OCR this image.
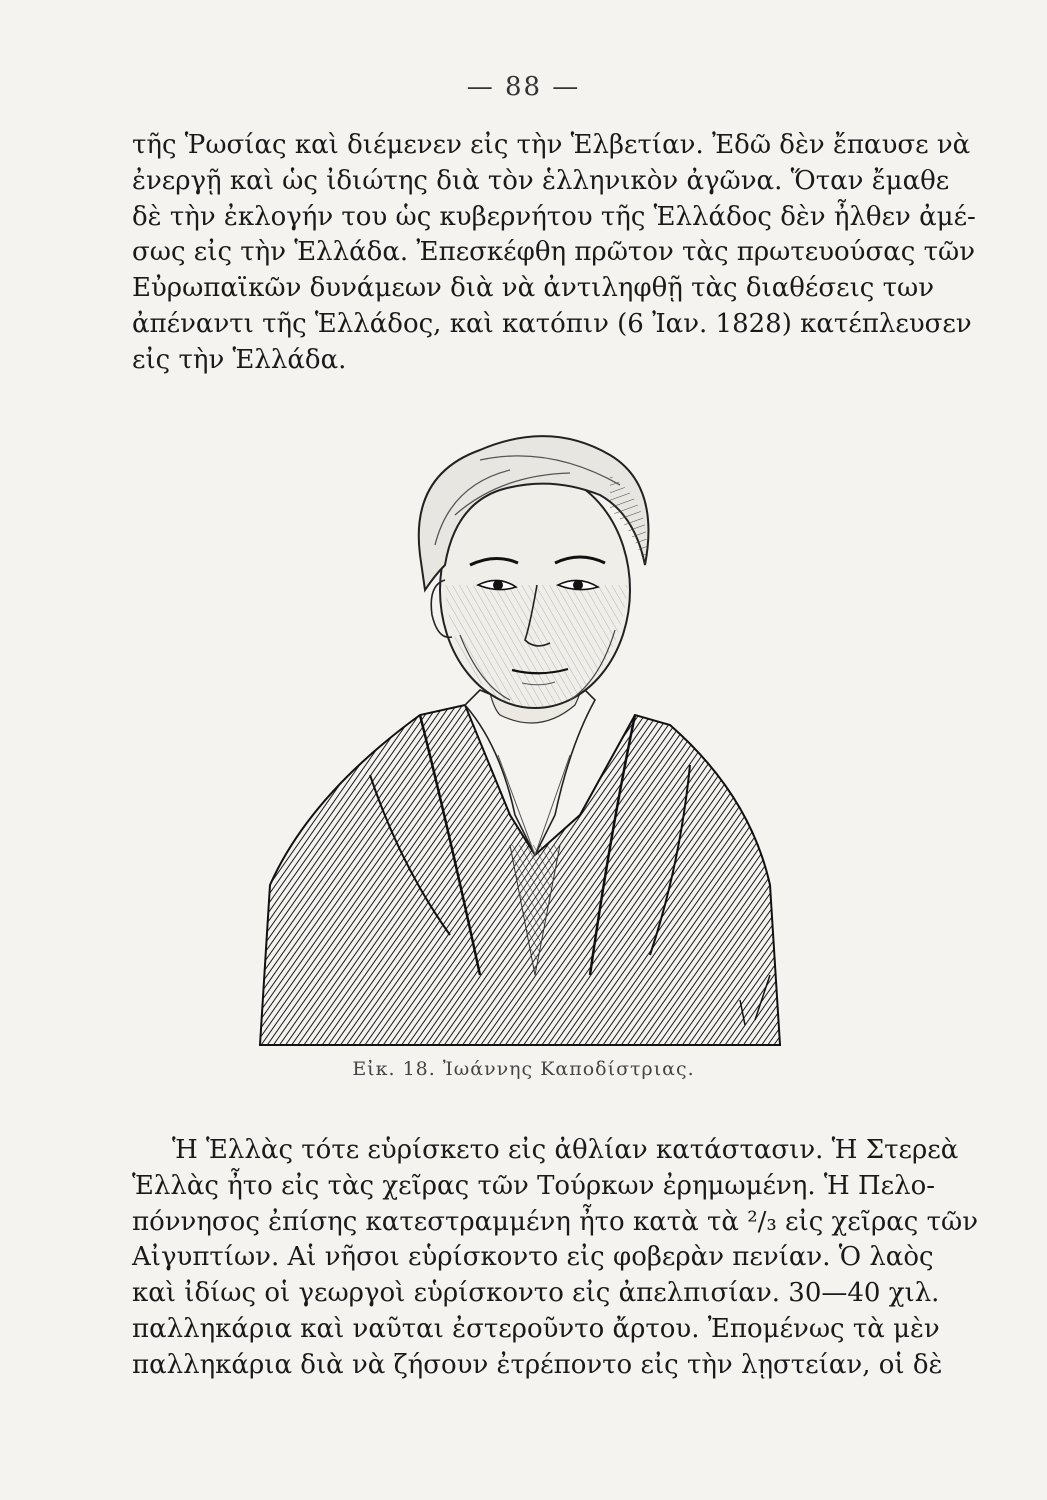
— 88 —
τῆς Ῥωσίας καὶ διέμενεν εἰς τὴν Ἑλβετίαν. Ἐδῶ δὲν ἔπαυσε νὰ
ἐνεργῇ καὶ ὡς ἰδιώτης διὰ τὸν ἑλληνικὸν ἀγῶνα. Ὅταν ἔμαθε
δὲ τὴν ἐκλογήν του ὡς κυβερνήτου τῆς Ἑλλάδος δὲν ἦλθεν ἀμέ-
σως εἰς τὴν Ἑλλάδα. Ἐπεσκέφθη πρῶτον τὰς πρωτευούσας τῶν
Εὐρωπαϊκῶν δυνάμεων διὰ νὰ ἀντιληφθῇ τὰς διαθέσεις των
ἀπέναντι τῆς Ἑλλάδος, καὶ κατόπιν (6 Ἰαν. 1828) κατέπλευσεν
εἰς τὴν Ἑλλάδα.
Εἰκ. 18. Ἰωάννης Καποδίστριας.
Ἡ Ἑλλὰς τότε εὑρίσκετο εἰς ἀθλίαν κατάστασιν. Ἡ Στερεὰ
Ἑλλὰς ἦτο εἰς τὰς χεῖρας τῶν Τούρκων ἐρημωμένη. Ἡ Πελο-
πόννησος ἐπίσης κατεστραμμένη ἦτο κατὰ τὰ ²/₃ εἰς χεῖρας τῶν
Αἰγυπτίων. Αἱ νῆσοι εὑρίσκοντο εἰς φοβερὰν πενίαν. Ὁ λαὸς
καὶ ἰδίως οἱ γεωργοὶ εὑρίσκοντο εἰς ἀπελπισίαν. 30—40 χιλ.
παλληκάρια καὶ ναῦται ἐστεροῦντο ἄρτου. Ἐπομένως τὰ μὲν
παλληκάρια διὰ νὰ ζήσουν ἐτρέποντο εἰς τὴν λῃστείαν, οἱ δὲ
